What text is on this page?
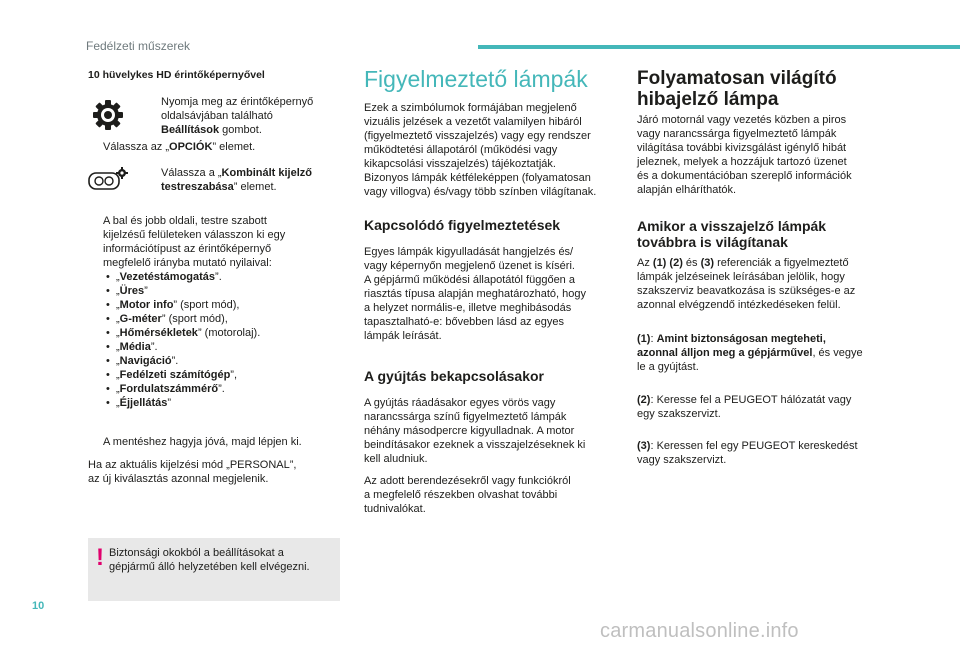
Fedélzeti műszerek
10 hüvelykes HD érintőképernyővel
Nyomja meg az érintőképernyő
oldalsávjában található
Beállítások gombot.
Válassza az „OPCIÓK” elemet.
Válassza a „Kombinált kijelző
testreszabása” elemet.
A bal és jobb oldali, testre szabott
kijelzésű felületeken válasszon ki egy
információtípust az érintőképernyő
megfelelő irányba mutató nyilaival:
• „Vezetéstámogatás”.
• „Üres”
• „Motor info” (sport mód),
• „G-méter” (sport mód),
• „Hőmérsékletek” (motorolaj).
• „Média”.
• „Navigáció”.
• „Fedélzeti számítógép”,
• „Fordulatszámmérő”.
• „Éjjellátás”
A mentéshez hagyja jóvá, majd lépjen ki.
Ha az aktuális kijelzési mód „PERSONAL”,
az új kiválasztás azonnal megjelenik.
! Biztonsági okokból a beállításokat a
gépjármű álló helyzetében kell elvégezni.
Figyelmeztető lámpák
Ezek a szimbólumok formájában megjelenő
vizuális jelzések a vezetőt valamilyen hibáról
(figyelmeztető visszajelzés) vagy egy rendszer
működtetési állapotáról (működési vagy
kikapcsolási visszajelzés) tájékoztatják.
Bizonyos lámpák kétféleképpen (folyamatosan
vagy villogva) és/vagy több színben világítanak.
Kapcsolódó figyelmeztetések
Egyes lámpák kigyulladását hangjelzés és/
vagy képernyőn megjelenő üzenet is kíséri.
A gépjármű működési állapotától függően a
riasztás típusa alapján meghatározható, hogy
a helyzet normális-e, illetve meghibásodás
tapasztalható-e: bővebben lásd az egyes
lámpák leírását.
A gyújtás bekapcsolásakor
A gyújtás ráadásakor egyes vörös vagy
narancssárga színű figyelmeztető lámpák
néhány másodpercre kigyulladnak. A motor
beindításakor ezeknek a visszajelzéseknek ki
kell aludniuk.
Az adott berendezésekről vagy funkciókról
a megfelelő részekben olvashat további
tudnivalókat.
Folyamatosan világító
hibajelző lámpa
Járó motornál vagy vezetés közben a piros
vagy narancssárga figyelmeztető lámpák
világítása további kivizsgálást igénylő hibát
jeleznek, melyek a hozzájuk tartozó üzenet
és a dokumentációban szereplő információk
alapján elháríthatók.
Amikor a visszajelző lámpák
továbbra is világítanak
Az (1) (2) és (3) referenciák a figyelmeztető
lámpák jelzéseinek leírásában jelölik, hogy
szakszerviz beavatkozása is szükséges-e az
azonnal elvégzendő intézkedéseken felül.
(1): Amint biztonságosan megteheti,
azonnal álljon meg a gépjárművel, és vegye
le a gyújtást.
(2): Keresse fel a PEUGEOT hálózatát vagy
egy szakszervizt.
(3): Keressen fel egy PEUGEOT kereskedést
vagy szakszervizt.
10
carmanualsonline.info
